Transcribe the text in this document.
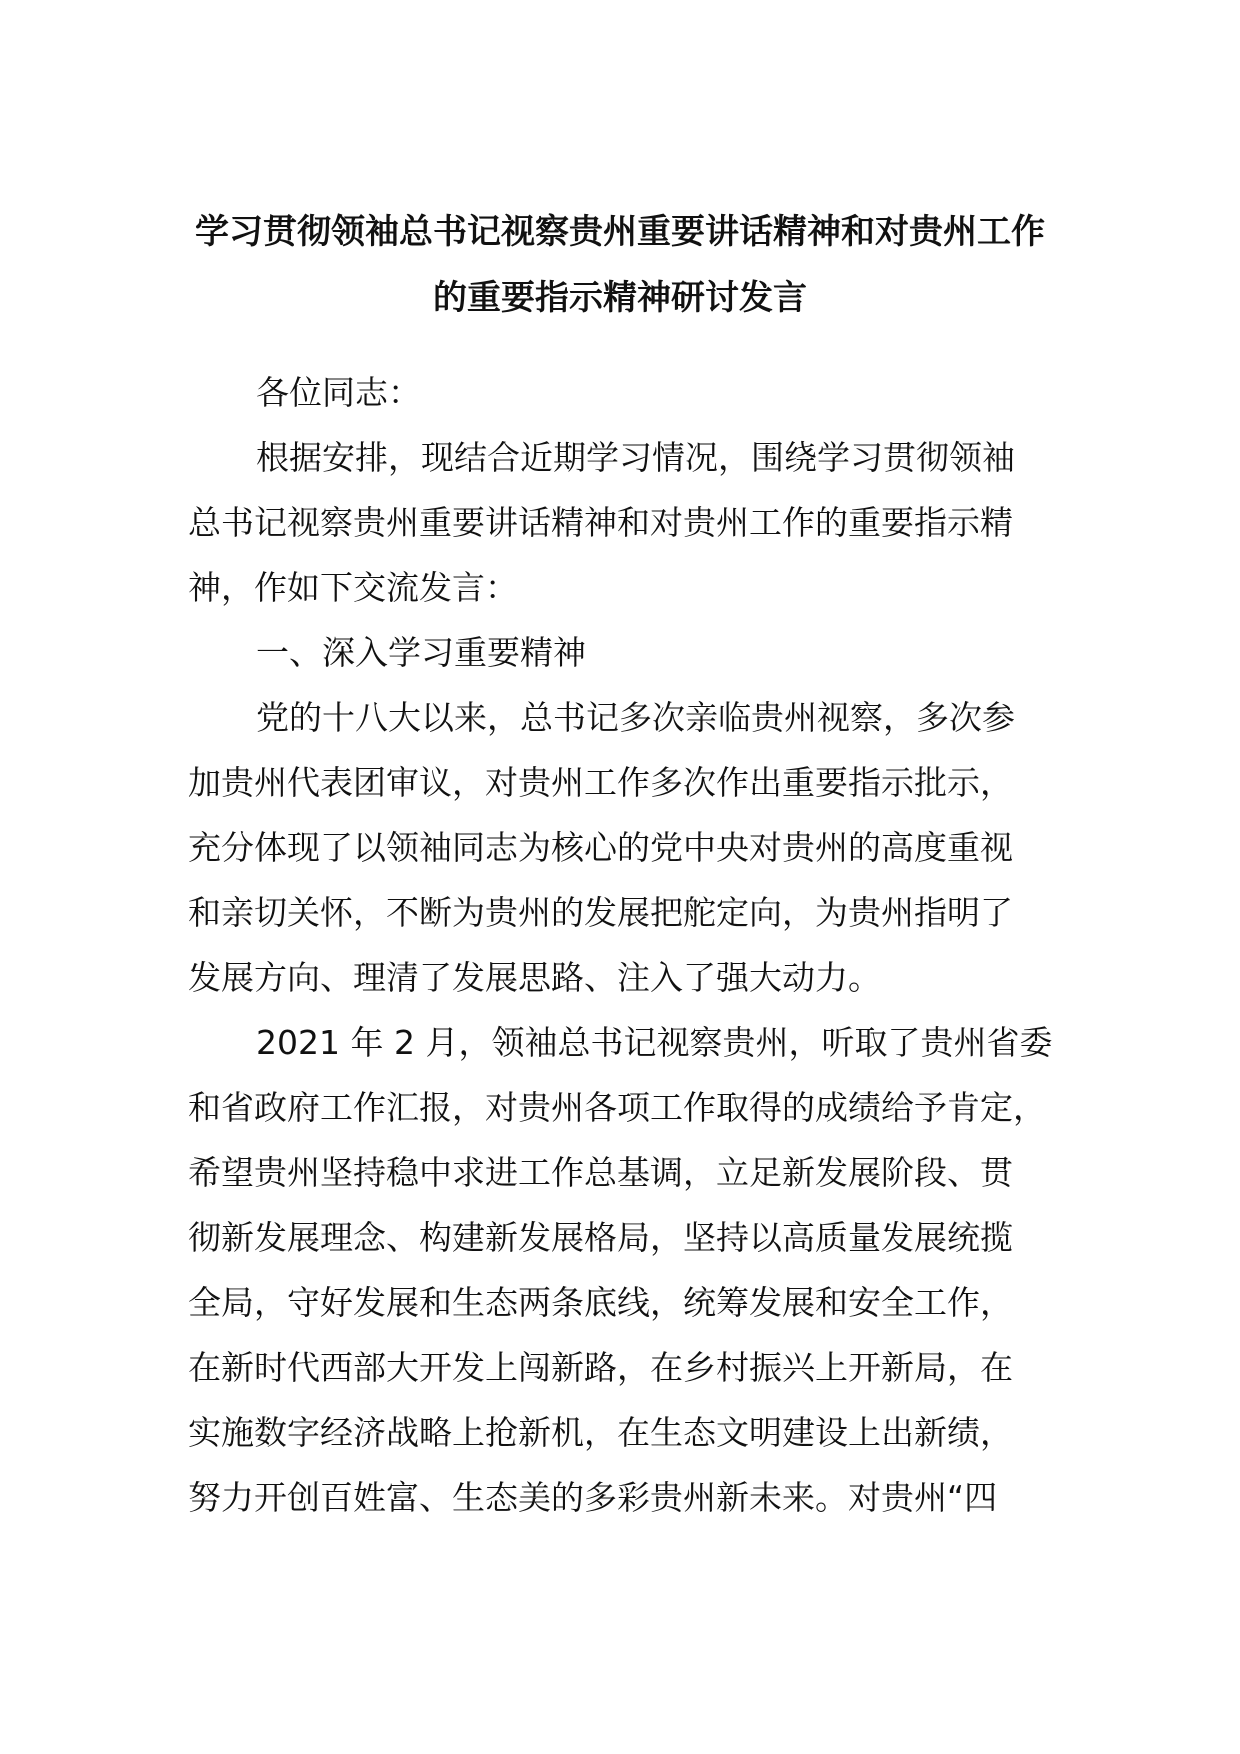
学习贯彻领袖总书记视察贵州重要讲话精神和对贵州工作
的重要指示精神研讨发言
各位同志：
根据安排，现结合近期学习情况，围绕学习贯彻领袖
总书记视察贵州重要讲话精神和对贵州工作的重要指示精
神，作如下交流发言：
一、深入学习重要精神
党的十八大以来，总书记多次亲临贵州视察，多次参
加贵州代表团审议，对贵州工作多次作出重要指示批示，
充分体现了以领袖同志为核心的党中央对贵州的高度重视
和亲切关怀，不断为贵州的发展把舵定向，为贵州指明了
发展方向、理清了发展思路、注入了强大动力。
2021 年 2 月，领袖总书记视察贵州，听取了贵州省委
和省政府工作汇报，对贵州各项工作取得的成绩给予肯定，
希望贵州坚持稳中求进工作总基调，立足新发展阶段、贯
彻新发展理念、构建新发展格局，坚持以高质量发展统揽
全局，守好发展和生态两条底线，统筹发展和安全工作，
在新时代西部大开发上闯新路，在乡村振兴上开新局，在
实施数字经济战略上抢新机，在生态文明建设上出新绩，
努力开创百姓富、生态美的多彩贵州新未来。对贵州“四
